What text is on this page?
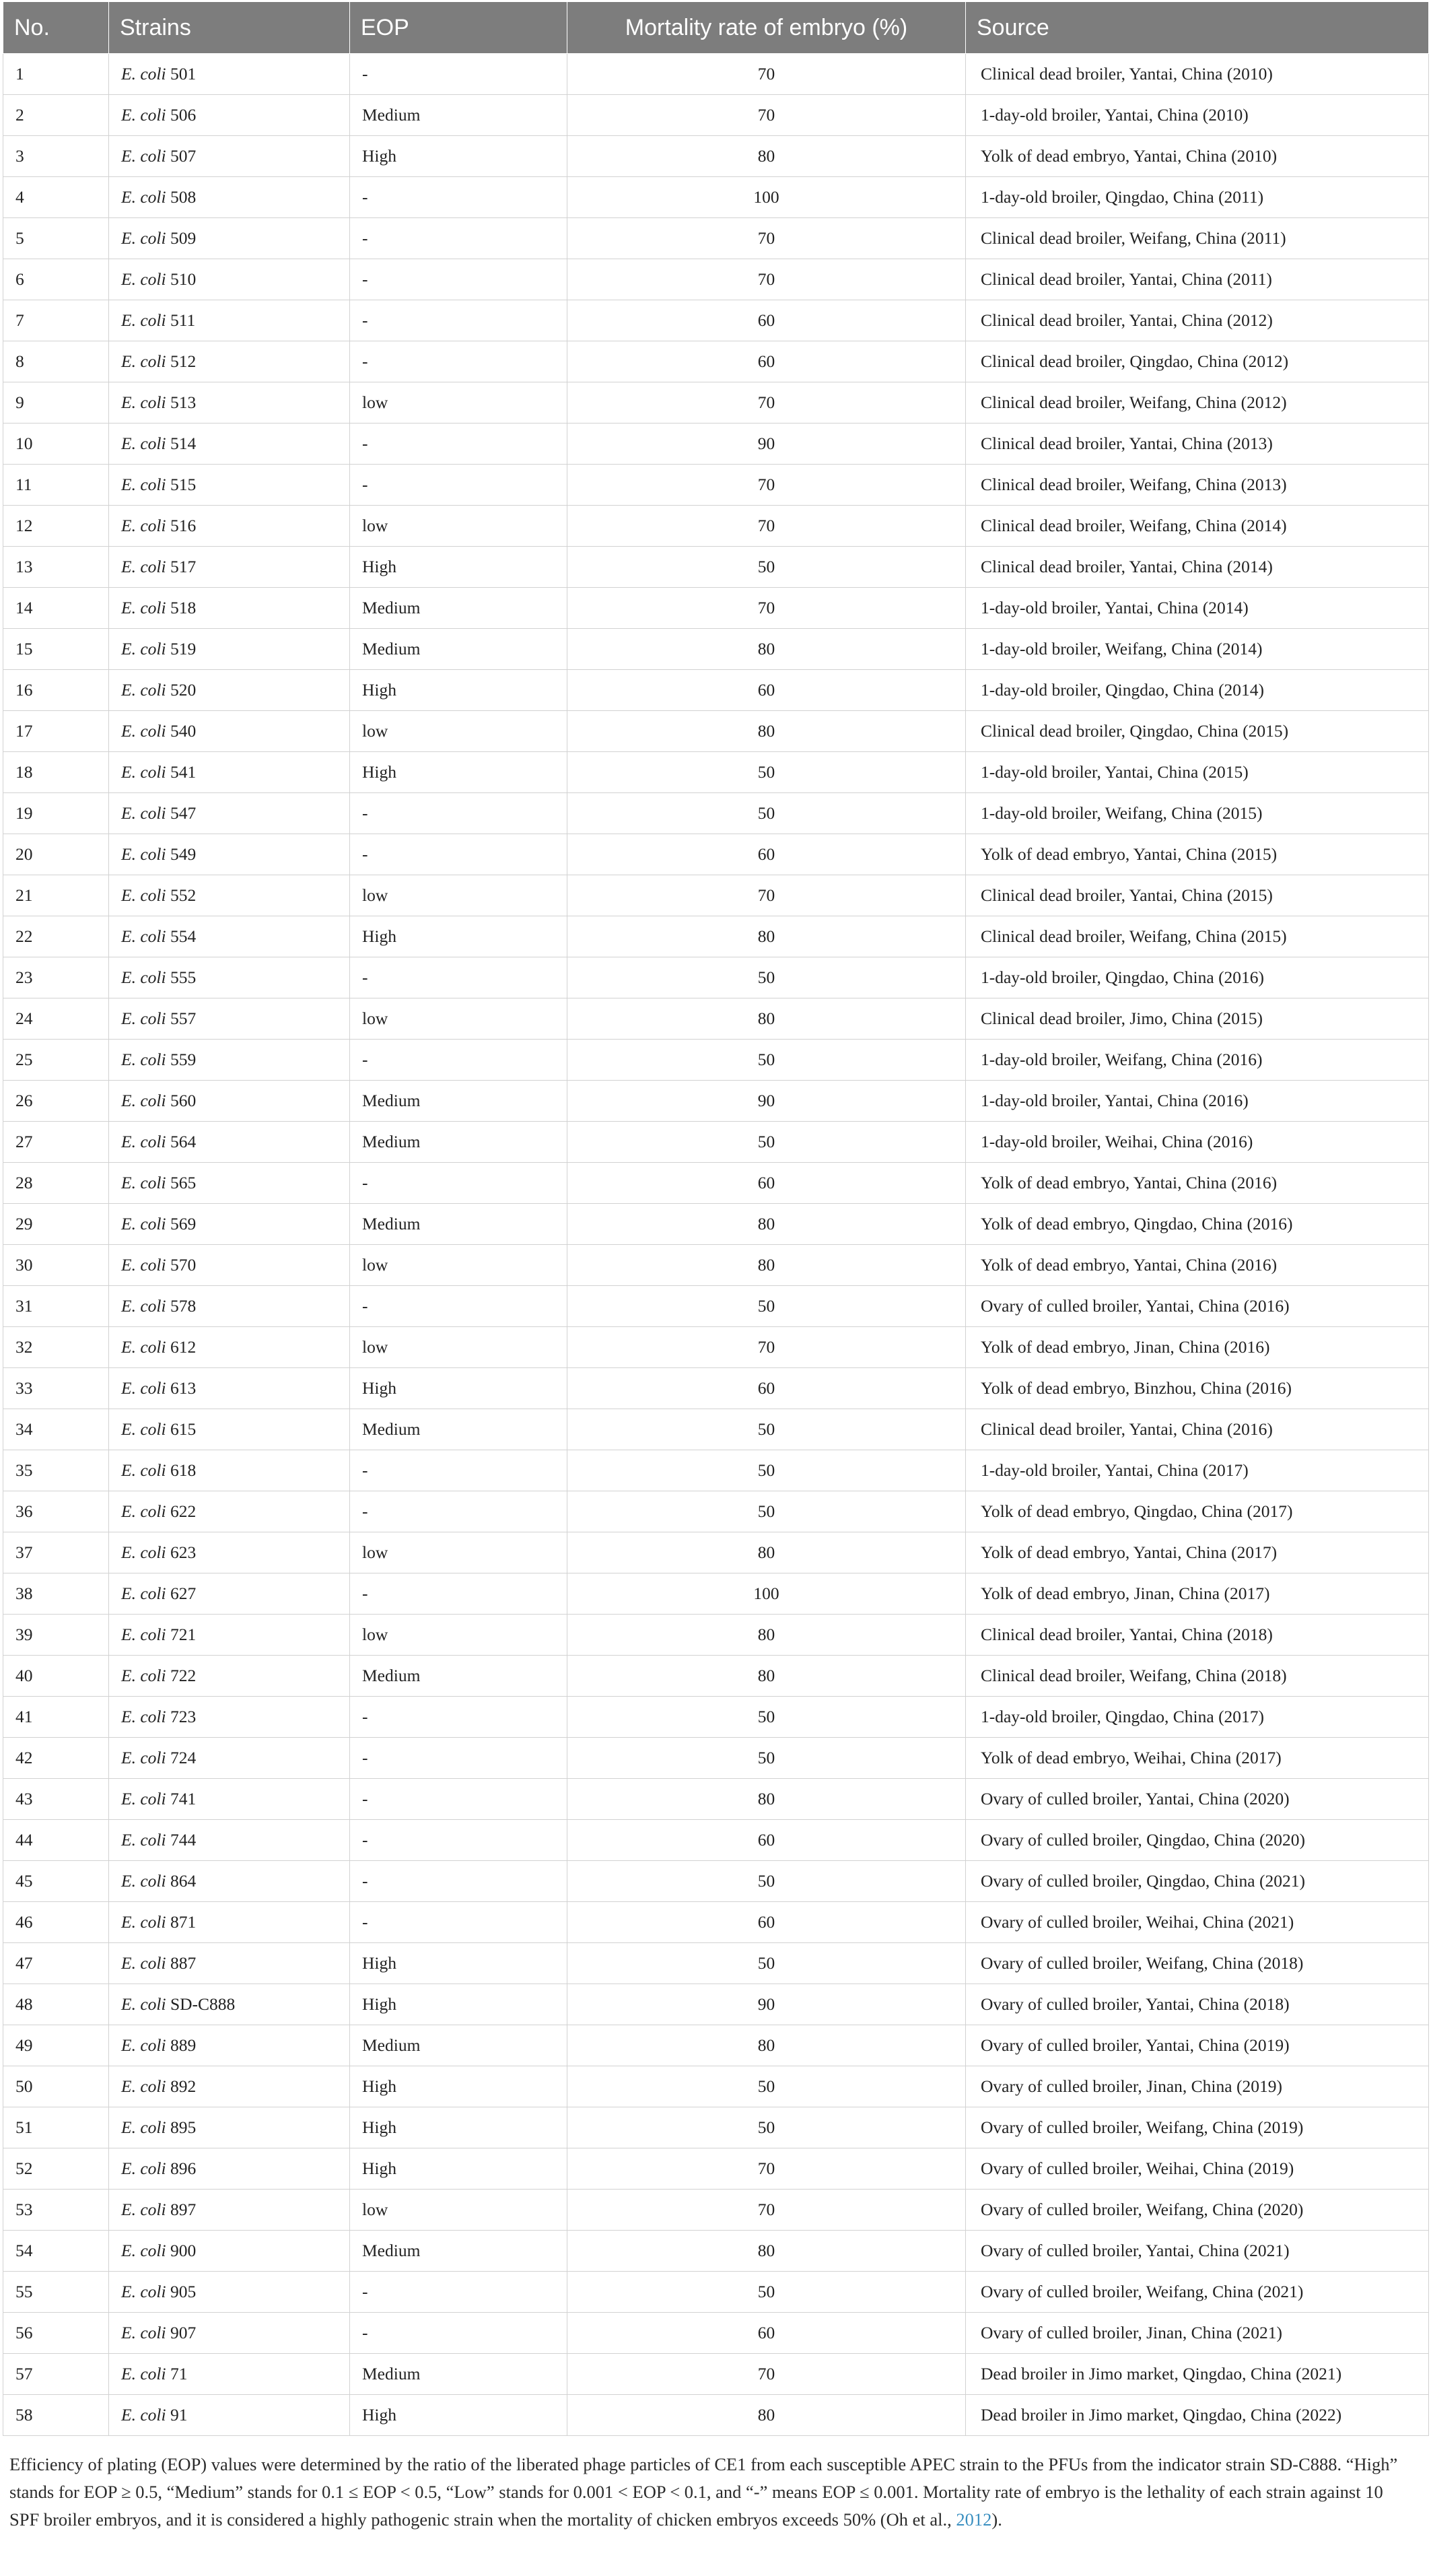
No.	Strains	EOP	Mortality rate of embryo (%)	Source
1	E. coli 501	-	70	Clinical dead broiler, Yantai, China (2010)
2	E. coli 506	Medium	70	1-day-old broiler, Yantai, China (2010)
3	E. coli 507	High	80	Yolk of dead embryo, Yantai, China (2010)
4	E. coli 508	-	100	1-day-old broiler, Qingdao, China (2011)
5	E. coli 509	-	70	Clinical dead broiler, Weifang, China (2011)
6	E. coli 510	-	70	Clinical dead broiler, Yantai, China (2011)
7	E. coli 511	-	60	Clinical dead broiler, Yantai, China (2012)
8	E. coli 512	-	60	Clinical dead broiler, Qingdao, China (2012)
9	E. coli 513	low	70	Clinical dead broiler, Weifang, China (2012)
10	E. coli 514	-	90	Clinical dead broiler, Yantai, China (2013)
11	E. coli 515	-	70	Clinical dead broiler, Weifang, China (2013)
12	E. coli 516	low	70	Clinical dead broiler, Weifang, China (2014)
13	E. coli 517	High	50	Clinical dead broiler, Yantai, China (2014)
14	E. coli 518	Medium	70	1-day-old broiler, Yantai, China (2014)
15	E. coli 519	Medium	80	1-day-old broiler, Weifang, China (2014)
16	E. coli 520	High	60	1-day-old broiler, Qingdao, China (2014)
17	E. coli 540	low	80	Clinical dead broiler, Qingdao, China (2015)
18	E. coli 541	High	50	1-day-old broiler, Yantai, China (2015)
19	E. coli 547	-	50	1-day-old broiler, Weifang, China (2015)
20	E. coli 549	-	60	Yolk of dead embryo, Yantai, China (2015)
21	E. coli 552	low	70	Clinical dead broiler, Yantai, China (2015)
22	E. coli 554	High	80	Clinical dead broiler, Weifang, China (2015)
23	E. coli 555	-	50	1-day-old broiler, Qingdao, China (2016)
24	E. coli 557	low	80	Clinical dead broiler, Jimo, China (2015)
25	E. coli 559	-	50	1-day-old broiler, Weifang, China (2016)
26	E. coli 560	Medium	90	1-day-old broiler, Yantai, China (2016)
27	E. coli 564	Medium	50	1-day-old broiler, Weihai, China (2016)
28	E. coli 565	-	60	Yolk of dead embryo, Yantai, China (2016)
29	E. coli 569	Medium	80	Yolk of dead embryo, Qingdao, China (2016)
30	E. coli 570	low	80	Yolk of dead embryo, Yantai, China (2016)
31	E. coli 578	-	50	Ovary of culled broiler, Yantai, China (2016)
32	E. coli 612	low	70	Yolk of dead embryo, Jinan, China (2016)
33	E. coli 613	High	60	Yolk of dead embryo, Binzhou, China (2016)
34	E. coli 615	Medium	50	Clinical dead broiler, Yantai, China (2016)
35	E. coli 618	-	50	1-day-old broiler, Yantai, China (2017)
36	E. coli 622	-	50	Yolk of dead embryo, Qingdao, China (2017)
37	E. coli 623	low	80	Yolk of dead embryo, Yantai, China (2017)
38	E. coli 627	-	100	Yolk of dead embryo, Jinan, China (2017)
39	E. coli 721	low	80	Clinical dead broiler, Yantai, China (2018)
40	E. coli 722	Medium	80	Clinical dead broiler, Weifang, China (2018)
41	E. coli 723	-	50	1-day-old broiler, Qingdao, China (2017)
42	E. coli 724	-	50	Yolk of dead embryo, Weihai, China (2017)
43	E. coli 741	-	80	Ovary of culled broiler, Yantai, China (2020)
44	E. coli 744	-	60	Ovary of culled broiler, Qingdao, China (2020)
45	E. coli 864	-	50	Ovary of culled broiler, Qingdao, China (2021)
46	E. coli 871	-	60	Ovary of culled broiler, Weihai, China (2021)
47	E. coli 887	High	50	Ovary of culled broiler, Weifang, China (2018)
48	E. coli SD-C888	High	90	Ovary of culled broiler, Yantai, China (2018)
49	E. coli 889	Medium	80	Ovary of culled broiler, Yantai, China (2019)
50	E. coli 892	High	50	Ovary of culled broiler, Jinan, China (2019)
51	E. coli 895	High	50	Ovary of culled broiler, Weifang, China (2019)
52	E. coli 896	High	70	Ovary of culled broiler, Weihai, China (2019)
53	E. coli 897	low	70	Ovary of culled broiler, Weifang, China (2020)
54	E. coli 900	Medium	80	Ovary of culled broiler, Yantai, China (2021)
55	E. coli 905	-	50	Ovary of culled broiler, Weifang, China (2021)
56	E. coli 907	-	60	Ovary of culled broiler, Jinan, China (2021)
57	E. coli 71	Medium	70	Dead broiler in Jimo market, Qingdao, China (2021)
58	E. coli 91	High	80	Dead broiler in Jimo market, Qingdao, China (2022)
Efficiency of plating (EOP) values were determined by the ratio of the liberated phage particles of CE1 from each susceptible APEC strain to the PFUs from the indicator strain SD-C888. “High” stands for EOP ≥ 0.5, “Medium” stands for 0.1 ≤ EOP < 0.5, “Low” stands for 0.001 < EOP < 0.1, and “-” means EOP ≤ 0.001. Mortality rate of embryo is the lethality of each strain against 10 SPF broiler embryos, and it is considered a highly pathogenic strain when the mortality of chicken embryos exceeds 50% (Oh et al., 2012).
